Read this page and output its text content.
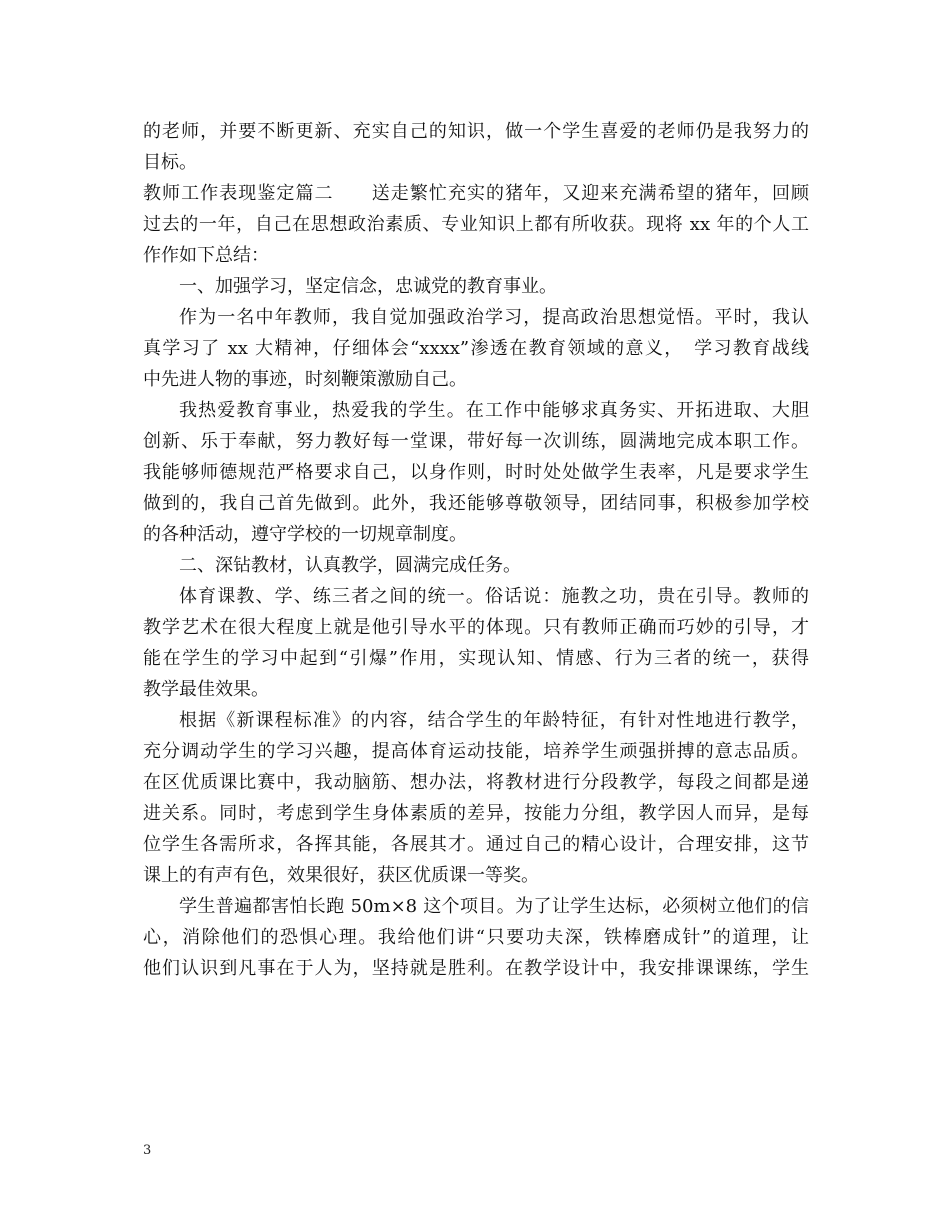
的老师，并要不断更新、充实自己的知识，做一个学生喜爱的老师仍是我努力的
目标。
教师工作表现鉴定篇二　　送走繁忙充实的猪年，又迎来充满希望的猪年，回顾
过去的一年，自己在思想政治素质、专业知识上都有所收获。现将 xx 年的个人工
作作如下总结：
一、加强学习，坚定信念，忠诚党的教育事业。
作为一名中年教师，我自觉加强政治学习，提高政治思想觉悟。平时，我认
真学习了 xx 大精神，仔细体会“xxxx”渗透在教育领域的意义，　学习教育战线
中先进人物的事迹，时刻鞭策激励自己。
我热爱教育事业，热爱我的学生。在工作中能够求真务实、开拓进取、大胆
创新、乐于奉献，努力教好每一堂课，带好每一次训练，圆满地完成本职工作。
我能够师德规范严格要求自己，以身作则，时时处处做学生表率，凡是要求学生
做到的，我自己首先做到。此外，我还能够尊敬领导，团结同事，积极参加学校
的各种活动，遵守学校的一切规章制度。
二、深钻教材，认真教学，圆满完成任务。
体育课教、学、练三者之间的统一。俗话说：施教之功，贵在引导。教师的
教学艺术在很大程度上就是他引导水平的体现。只有教师正确而巧妙的引导，才
能在学生的学习中起到“引爆”作用，实现认知、情感、行为三者的统一，获得
教学最佳效果。
根据《新课程标准》的内容，结合学生的年龄特征，有针对性地进行教学，
充分调动学生的学习兴趣，提高体育运动技能，培养学生顽强拼搏的意志品质。
在区优质课比赛中，我动脑筋、想办法，将教材进行分段教学，每段之间都是递
进关系。同时，考虑到学生身体素质的差异，按能力分组，教学因人而异，是每
位学生各需所求，各挥其能，各展其才。通过自己的精心设计，合理安排，这节
课上的有声有色，效果很好，获区优质课一等奖。
学生普遍都害怕长跑 50m×8 这个项目。为了让学生达标，必须树立他们的信
心，消除他们的恐惧心理。我给他们讲“只要功夫深，铁棒磨成针”的道理，让
他们认识到凡事在于人为，坚持就是胜利。在教学设计中，我安排课课练，学生
3
